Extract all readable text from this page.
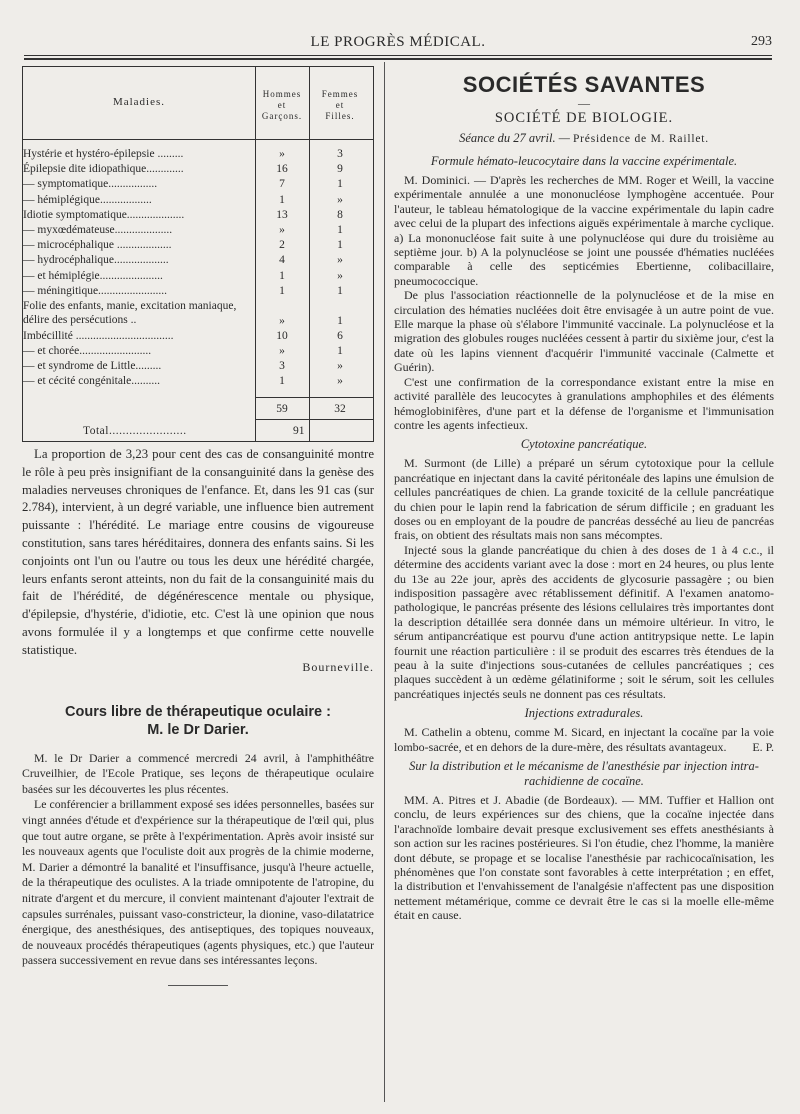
LE PROGRÈS MÉDICAL.	293
Maladies.
Hommes
et
Garçons.
Femmes
et
Filles.
Hystérie et hystéro-épilepsie .........	»	3
Épilepsie dite idiopathique.............	16	9
— symptomatique.................	7	1
— hémiplégique..................	1	»
Idiotie symptomatique....................	13	8
— myxœdémateuse....................	»	1
— microcéphalique ...................	2	1
— hydrocéphalique...................	4	»
— et hémiplégie......................	1	»
— méningitique........................	1	1
Folie des enfants, manie, excitation maniaque, délire des persécutions ..	»	1
Imbécillité ..................................	10	6
— et chorée.........................	»	1
— et syndrome de Little.........	3	»
— et cécité congénitale..........	1	»
59	32
Total.......................	91

La proportion de 3,23 pour cent des cas de consanguinité montre le rôle à peu près insignifiant de la consanguinité dans la genèse des maladies nerveuses chroniques de l'enfance. Et, dans les 91 cas (sur 2.784), intervient, à un degré variable, une influence bien autrement puissante : l'hérédité. Le mariage entre cousins de vigoureuse constitution, sans tares héréditaires, donnera des enfants sains. Si les conjoints ont l'un ou l'autre ou tous les deux une hérédité chargée, leurs enfants seront atteints, non du fait de la consanguinité mais du fait de l'hérédité, de dégénérescence mentale ou physique, d'épilepsie, d'hystérie, d'idiotie, etc. C'est là une opinion que nous avons formulée il y a longtemps et que confirme cette nouvelle statistique.

Bourneville.

Cours libre de thérapeutique oculaire :
M. le Dr Darier.

M. le Dr Darier a commencé mercredi 24 avril, à l'amphithéâtre Cruveilhier, de l'Ecole Pratique, ses leçons de thérapeutique oculaire basées sur les découvertes les plus récentes.

Le conférencier a brillamment exposé ses idées personnelles, basées sur vingt années d'étude et d'expérience sur la thérapeutique de l'œil qui, plus que tout autre organe, se prête à l'expérimentation. Après avoir insisté sur les nouveaux agents que l'oculiste doit aux progrès de la chimie moderne, M. Darier a démontré la banalité et l'insuffisance, jusqu'à l'heure actuelle, de la thérapeutique des oculistes. A la triade omnipotente de l'atropine, du nitrate d'argent et du mercure, il convient maintenant d'ajouter l'extrait de capsules surrénales, puissant vaso-constricteur, la dionine, vaso-dilatatrice énergique, des anesthésiques, des antiseptiques, des topiques nouveaux, de nouveaux procédés thérapeutiques (agents physiques, etc.) que l'auteur passera successivement en revue dans ses intéressantes leçons.

SOCIÉTÉS SAVANTES
—
SOCIÉTÉ DE BIOLOGIE.
Séance du 27 avril. — Présidence de M. Raillet.
Formule hémato-leucocytaire dans la vaccine expérimentale.

M. Dominici. — D'après les recherches de MM. Roger et Weill, la vaccine expérimentale annulée a une mononucléose lymphogène accentuée. Pour l'auteur, le tableau hématologique de la vaccine expérimentale du lapin cadre avec celui de la plupart des infections aiguës expérimentale à marche cyclique. a) La mononucléose fait suite à une polynucléose qui dure du troisième au septième jour. b) A la polynucléose se joint une poussée d'hématies nucléées comparable à celle des septicémies Ebertienne, colibacillaire, pneumococcique.

De plus l'association réactionnelle de la polynucléose et de la mise en circulation des hématies nucléées doit être envisagée à un autre point de vue. Elle marque la phase où s'élabore l'immunité vaccinale. La polynucléose et la migration des globules rouges nucléées cessent à partir du sixième jour, c'est la date où les lapins viennent d'acquérir l'immunité vaccinale (Calmette et Guérin).

C'est une confirmation de la correspondance existant entre la mise en activité parallèle des leucocytes à granulations amphophiles et des éléments hémoglobinifères, d'une part et la défense de l'organisme et l'immunisation contre les agents infectieux.

Cytotoxine pancréatique.

M. Surmont (de Lille) a préparé un sérum cytotoxique pour la cellule pancréatique en injectant dans la cavité péritonéale des lapins une émulsion de cellules pancréatiques de chien. La grande toxicité de la cellule pancréatique du chien pour le lapin rend la fabrication de sérum difficile ; en graduant les doses ou en employant de la poudre de pancréas desséché au lieu de pancréas frais, on obtient des résultats mais non sans mécomptes.

Injecté sous la glande pancréatique du chien à des doses de 1 à 4 c.c., il détermine des accidents variant avec la dose : mort en 24 heures, ou plus lente du 13e au 22e jour, après des accidents de glycosurie passagère ; ou bien indisposition passagère avec rétablissement définitif. A l'examen anatomo-pathologique, le pancréas présente des lésions cellulaires très importantes dont la description détaillée sera donnée dans un mémoire ultérieur. In vitro, le sérum antipancréatique est pourvu d'une action antitrypsique nette. Le lapin fournit une réaction particulière : il se produit des escarres très étendues de la peau à la suite d'injections sous-cutanées de cellules pancréatiques ; ces plaques succèdent à un œdème gélatiniforme ; soit le sérum, soit les cellules pancréatiques injectés seuls ne donnent pas ces résultats.

Injections extradurales.

M. Cathelin a obtenu, comme M. Sicard, en injectant la cocaïne par la voie lombo-sacrée, et en dehors de la dure-mère, des résultats avantageux.	E. P.

Sur la distribution et le mécanisme de l'anesthésie par injection intra-rachidienne de cocaïne.

MM. A. Pitres et J. Abadie (de Bordeaux). — MM. Tuffier et Hallion ont conclu, de leurs expériences sur des chiens, que la cocaïne injectée dans l'arachnoïde lombaire devait presque exclusivement ses effets anesthésiants à son action sur les racines postérieures. Si l'on étudie, chez l'homme, la manière dont débute, se propage et se localise l'anesthésie par rachicocaïnisation, les phénomènes que l'on constate sont favorables à cette interprétation ; en effet, la distribution et l'envahissement de l'analgésie n'affectent pas une disposition nettement métamérique, comme ce devrait être le cas si la moelle elle-même était en cause.
